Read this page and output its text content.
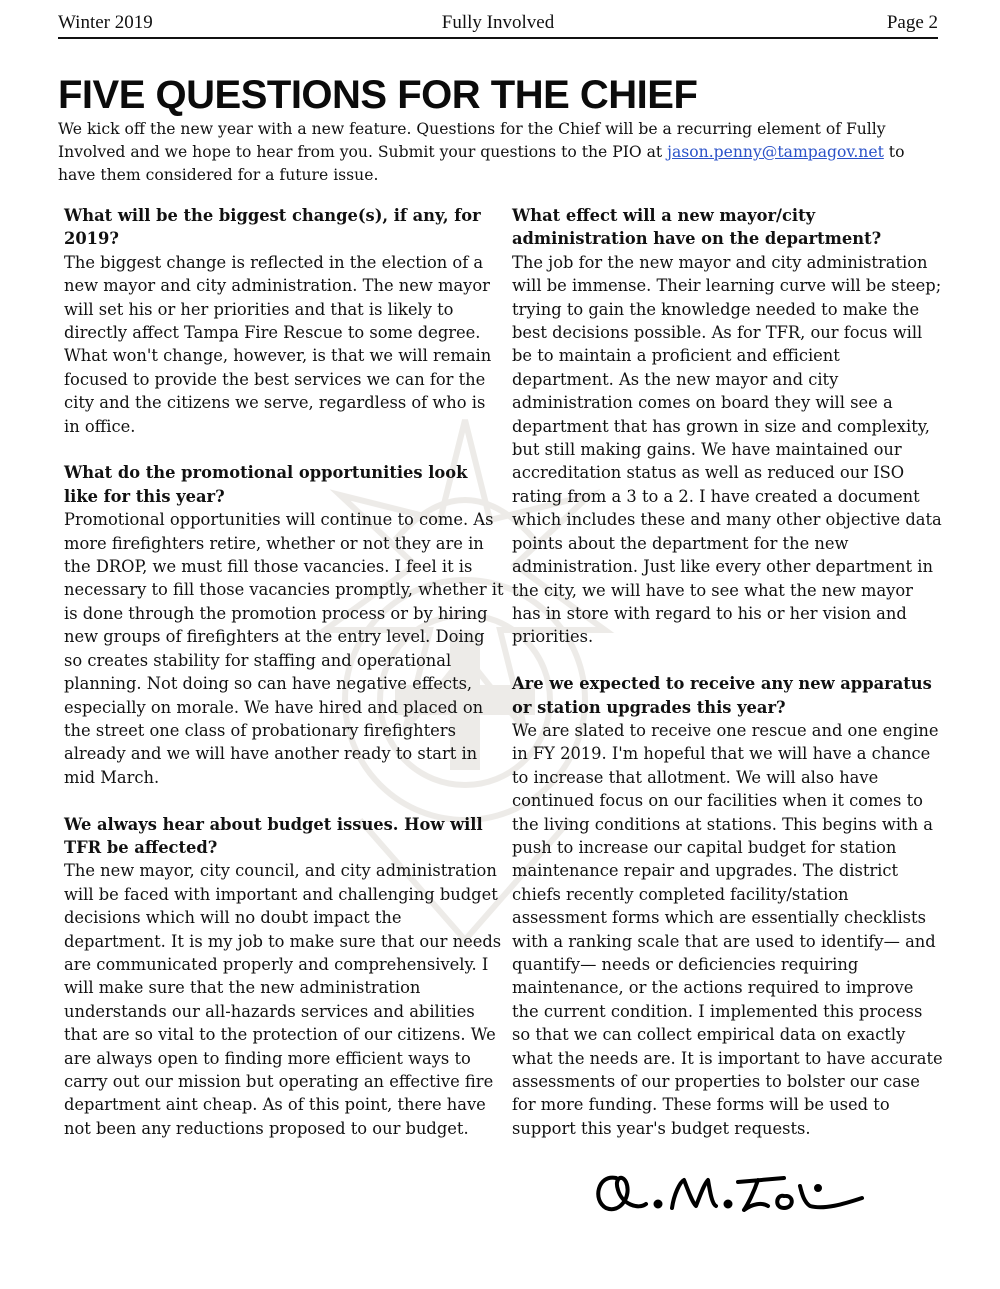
Winter 2019	Fully Involved	Page 2
FIVE QUESTIONS FOR THE CHIEF

We kick off the new year with a new feature. Questions for the Chief will be a recurring element of Fully Involved and we hope to hear from you. Submit your questions to the PIO at jason.penny@tampagov.net to have them considered for a future issue.

What will be the biggest change(s), if any, for 2019?

The biggest change is reflected in the election of a new mayor and city administration. The new mayor will set his or her priorities and that is likely to directly affect Tampa Fire Rescue to some degree. What won't change, however, is that we will remain focused to provide the best services we can for the city and the citizens we serve, regardless of who is in office.

What do the promotional opportunities look like for this year?

Promotional opportunities will continue to come. As more firefighters retire, whether or not they are in the DROP, we must fill those vacancies. I feel it is necessary to fill those vacancies promptly, whether it is done through the promotion process or by hiring new groups of firefighters at the entry level. Doing so creates stability for staffing and operational planning. Not doing so can have negative effects, especially on morale. We have hired and placed on the street one class of probationary firefighters already and we will have another ready to start in mid March.

We always hear about budget issues. How will TFR be affected?

The new mayor, city council, and city administration will be faced with important and challenging budget decisions which will no doubt impact the department. It is my job to make sure that our needs are communicated properly and comprehensively. I will make sure that the new administration understands our all-hazards services and abilities that are so vital to the protection of our citizens. We are always open to finding more efficient ways to carry out our mission but operating an effective fire department aint cheap. As of this point, there have not been any reductions proposed to our budget.

What effect will a new mayor/city administration have on the department?

The job for the new mayor and city administration will be immense. Their learning curve will be steep; trying to gain the knowledge needed to make the best decisions possible. As for TFR, our focus will be to maintain a proficient and efficient department. As the new mayor and city administration comes on board they will see a department that has grown in size and complexity, but still making gains. We have maintained our accreditation status as well as reduced our ISO rating from a 3 to a 2. I have created a document which includes these and many other objective data points about the department for the new administration. Just like every other department in the city, we will have to see what the new mayor has in store with regard to his or her vision and priorities.

Are we expected to receive any new apparatus or station upgrades this year?

We are slated to receive one rescue and one engine in FY 2019. I'm hopeful that we will have a chance to increase that allotment. We will also have continued focus on our facilities when it comes to the living conditions at stations. This begins with a push to increase our capital budget for station maintenance repair and upgrades. The district chiefs recently completed facility/station assessment forms which are essentially checklists with a ranking scale that are used to identify— and quantify— needs or deficiencies requiring maintenance, or the actions required to improve the current condition. I implemented this process so that we can collect empirical data on exactly what the needs are. It is important to have accurate assessments of our properties to bolster our case for more funding. These forms will be used to support this year's budget requests.
